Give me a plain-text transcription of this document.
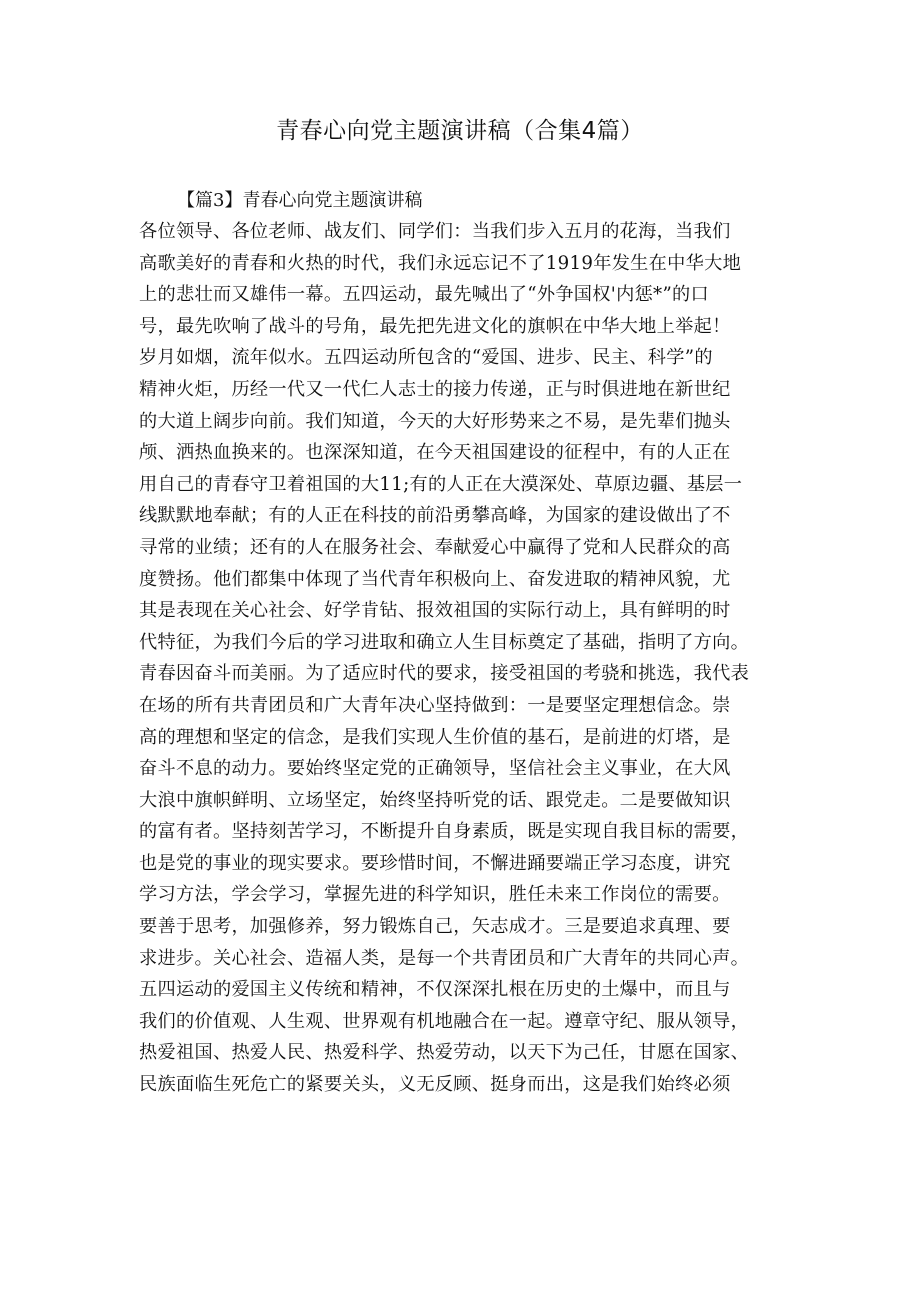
青春心向党主题演讲稿（合集4篇）
【篇3】青春心向党主题演讲稿
各位领导、各位老师、战友们、同学们：当我们步入五月的花海，当我们
高歌美好的青春和火热的时代，我们永远忘记不了1919年发生在中华大地
上的悲壮而又雄伟一幕。五四运动，最先喊出了“外争国权'内惩*”的口
号，最先吹响了战斗的号角，最先把先进文化的旗帜在中华大地上举起！
岁月如烟，流年似水。五四运动所包含的“爱国、进步、民主、科学”的
精神火炬，历经一代又一代仁人志士的接力传递，正与时俱进地在新世纪
的大道上阔步向前。我们知道，今天的大好形势来之不易，是先辈们抛头
颅、洒热血换来的。也深深知道，在今天祖国建设的征程中，有的人正在
用自己的青春守卫着祖国的大11;有的人正在大漠深处、草原边疆、基层一
线默默地奉献；有的人正在科技的前沿勇攀高峰，为国家的建设做出了不
寻常的业绩；还有的人在服务社会、奉献爱心中赢得了党和人民群众的高
度赞扬。他们都集中体现了当代青年积极向上、奋发进取的精神风貌，尤
其是表现在关心社会、好学肯钻、报效祖国的实际行动上，具有鲜明的时
代特征，为我们今后的学习进取和确立人生目标奠定了基础，指明了方向。
青春因奋斗而美丽。为了适应时代的要求，接受祖国的考骁和挑选，我代表
在场的所有共青团员和广大青年决心坚持做到：一是要坚定理想信念。崇
高的理想和坚定的信念，是我们实现人生价值的基石，是前进的灯塔，是
奋斗不息的动力。要始终坚定党的正确领导，坚信社会主义事业，在大风
大浪中旗帜鲜明、立场坚定，始终坚持听党的话、跟党走。二是要做知识
的富有者。坚持刻苦学习，不断提升自身素质，既是实现自我目标的需要，
也是党的事业的现实要求。要珍惜时间，不懈进踊要端正学习态度，讲究
学习方法，学会学习，掌握先进的科学知识，胜任未来工作岗位的需要。
要善于思考，加强修养，努力锻炼自己，矢志成才。三是要追求真理、要
求进步。关心社会、造福人类，是每一个共青团员和广大青年的共同心声。
五四运动的爱国主义传统和精神，不仅深深扎根在历史的土爆中，而且与
我们的价值观、人生观、世界观有机地融合在一起。遵章守纪、服从领导，
热爱祖国、热爱人民、热爱科学、热爱劳动，以天下为己任，甘愿在国家、
民族面临生死危亡的紧要关头，义无反顾、挺身而出，这是我们始终必须
